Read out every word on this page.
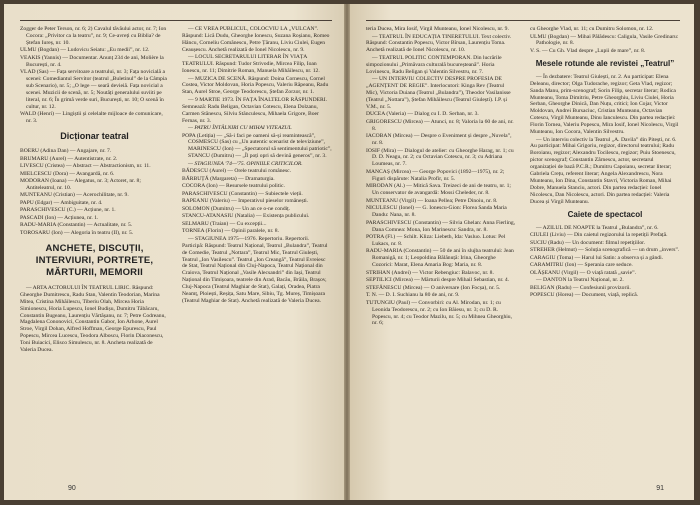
Zogger de Peter Terson, nr. 6; 2) Cavalul tăvăului actor, nr. 7; Ion Cocora: „Privitor ca la teatru”, nr. 9; Ce-avreți cu Biblia? de Ștefan Iureș, nr. 10.

ULMU (Bogdan) — Ludovicu Seiatu: „Eu medii”, nr. 12.

VEAKIS (Yannis) — Documentar. Anunț 234 de ani, Molière la București, nr. 4.

VLAD (Sas) — Fața servitoare a teatrului, nr. 3; Fața novicială a scenei: Comediantul Servitor (teatrul „Buletinul” de la Câmpia sub Scenario), nr. 5; „O lege — seară devieiă. Fața novicial a scenei. Muzicii de scenă, nr. 5; Noutăți generalului suviiti pe literal, nr. 6; În grimă verde suri, București, nr. 10; O scenă în cultur, nr. 12.

WALD (Henri) — Lingiștii și celelalte mijloace de comunicare, nr. 3.

Dicționar teatral

BOERU (Adina Dan) — Angajare, nr. 7.

BRUMARU (Aurel) — Autentistrate, nr. 2.

LIVESCU (Cristea) — Abstract — Abstractionism, nr. 11.

MIELCESCU (Dora) — Avangardă, nr. 6.

MODORAN (Ioana) — Alegatus, nr. 3; Actoret, nr. 8; Antiteleatrul, nr. 10.

MUNTEANU (Cristian) — Acerochilitate, nr. 9.

PAPU (Edgar) — Ambiguitate, nr. 4.

PARASCHIVESCU (C.) — Acțiune, nr. 1.

PASCADI (Ion) — Acțiunea, nr. 1.

RADU-MARIA (Constantin) — Actualitate, nr. 5.

TOROSARU (Ion) — Alegoria în teatru (II), nr. 5.

ANCHETE, DISCUȚII, INTERVIURI, PORTRETE, MĂRTURII, MEMORII

— ARTA ACTORULUI ÎN TEATRUL LIRIC. Răspund: Gheorghe Dumitrescu, Radu Stan, Valentin Teodorian, Marina Mitea, Cristina Mihăilescu, Tiberiu Olah, Mircea Horia Simionescu, Horia Lupescu, Ionel Budișu, Dumitru Tăbăcaru, Constantin Bugeanu, Laurențiu Vărtășanu, nr. 7; Petre Codreanu, Magdalena Cononovici, Constantin Gabor, Ion Arhone, Aurel Stroe, Virgil Dohan, Alfred Hoffman, George Epurescu, Paul Popescu, Mircea Lucescu, Teodora Alboscu, Florin Diaconescu, Toni Buiacici, Elisco Simulescu, nr. 8. Ancheta realizată de Valeria Ducea.

— CE VREA PUBLICUL, COLOCVIU LA „VULCAN”. Răspund: Lică Dudu, Gheorghe Ionescu, Suzana Roșianu, Romeo Hâncu, Corneliu Comănescu, Petre Țăranu, Liviu Ciulei, Eugen Ceaușescu. Anchetă realizată de Ionel Nicolescu, nr. 9.

— LOCUL SECRETARULUI LITERAR ÎN VIAȚA TEATRULUI. Răspund: Tudor Strivodie, Mircea Filip, Ioan Ionescu, nr. 11; Dimitrie Roman, Manuela Mihăilescu, nr. 12.

— MUZICA DE SCENĂ. Răspund: Doina Cornescu, Cornel Costea, Victor Moldovan, Horia Popescu, Valeriu Răpeanu, Radu Stan, Aurel Stroe, George Teodorescu, Ștefan Zorzor, nr. 1.

— 9 MARTIE 1973. ÎN FAȚA ÎNALTELOR RĂSPUNDERI. Semnează: Radu Beligan, Octavian Cotescu, Elena Dolzanu, Carmen Stănescu, Silviu Stănculescu, Mihaela Grigore, Boer Fernas, nr. 3.

— PATRU ÎNTÂLNIRI CU MIHAI VITEAZUL

POPA (Letiția) — „Să-i faci pe oameni să-și reamintească”, COSMESCU (Sas) cu „Un autentic scenarist de televiziune”, MARINESCU (Ion) — „Spectatorul să sentimentului patriotic”, STANCU (Dumitru) — „Îl poți opri să devină generos”, nr. 3.

— STAGIUNEA '74—'75. OPINIILE CRITICILOR.

BĂDESCU (Aurel) — Orele teatrului românesc.

BĂRBUȚĂ (Margareta) — Dramaturgia.

COCORA (Ion) — Resursele teatrului politic.

PARASCHIVESCU (Constantin) — Subiectele vieții.

RAPEANU (Valeriu) — Imperativul pieselor românești.

SOLOMON (Dumitru) — Un an ce o-ne condiț.

STANCU-ATANASIU (Natalia) — Existența publicului.

SELMARU (Traian) — Cu excepții...

TORNEA (Florin) — Opinii paralele, nr. 8.

— STAGIUNEA 1975—1976. Repertoriu. Repertorii. Participă: Răspund: Teatrul Național, Teatrul „Bulandra”, Teatrul de Comedie, Teatrul „Nottara”, Teatrul Mic, Teatrul Giulești, Teatrul „Ion Vasilescu”. Teatrul „Ion Creangă”, Teatrul Evreiesc de Stat, Teatrul Național din Cluj-Napoca, Teatrul Național din Craiova, Teatrul Național „Vasile Alecsandri” din Iași, Teatrul Național din Timișoara, teatrele din Arad, Bacău, Brăila, Brașov, Cluj-Napoca (Teatrul Maghiar de Stat), Galați, Oradea, Piatra Neamț, Ploiești, Reșița, Satu Mare, Sibiu, Tg. Mureș, Timișoara (Teatrul Maghiar de Stat). Anchetă realizată de Valeria Ducea.

90

teria Ducea, Mira Iosif, Virgil Munteanu, Ionel Nicolescu, nr. 9.

— TEATRUL ÎN EDUCAȚIA TINERETULUI. Text colectiv. Răspund: Constantin Popescu, Victor Bîrsan, Laurențiu Toma. Anchetă realizată de Ionel Nicolescu, nr. 10.

— TEATRUL POLITIC CONTEMPORAN. Din lucrările simpozionului „Primăvara culturală bucureșteană”. Horia Lovinescu, Radu Beligan și Valentin Silvestru, nr. 7.

— UN INTERVIU COLECTIV DESPRE PROFESIA DE „AGENȚENT DE REGIE”. Interlocutori: Kinga Rev (Teatrul Mic), Victoria Duiana (Teatrul „Bulandra”), Theodor Vasilanisse (Teatrul „Nottara”), Ștefan Mihăilescu (Teatrul Giulești). I.P. și V.M., nr. 5.

DUCEA (Valeria) — Dialog cu I. D. Serban, nr. 3.

GRIGORESCU (Mircea) — Atunci, nr. 8; Valoria la 60 de ani, nr. 8.

IACOBAN (Mircea) — Despre o Eveniment și despre „Nuvela”, nr. 8.

IOSIF (Mira) — Dialogul de atelier: cu Gheorghe Harag, nr. 1; cu D. D. Neagu, nr. 2; cu Octavian Cotescu, nr. 3; cu Adriana Loumeas, nr. 7.

MANCAȘ (Mircea) — George Popovici (1892—1975), nr. 2; Figuri dispărute: Natalia Profir, nr. 5.

MIRODAN (Al.) — Mitică Sava. Treizeci de ani de teatru, nr. 1; Un conservator de avangardă: Mossi Cheleder, nr. 8.

MUNTEANU (Virgil) — Ioana Pellea; Petre Dinoiu, nr. 8.

NICULESCU (Ionel) — G. Ionescu-Gion: Florea Sanda Maria Dandu: Nana, nr. 8.

PARASCHIVESCU (Constantin) — Silvia Ghelan: Anna Fierling, Dana Comnea: Mona, Ion Marinescu: Sandra, nr. 8.

POTRA (Fl.) — Schilt. Kliza: Liebeth, Ida: Vasluo. Lotus: Pel Lukacs, nr. 8.

RADU-MARIA (Constantin) — 50 de ani în slujba teatrului: Jean Romanigă, nr. 1; Leopoldina Bălănuță: Irina, Gheorghe Cozorici: Marat, Elena Amaria Bog: Maria, nr. 8.

STRIHAN (Andrei) — Victor Rebengiuc: Balavoc, nr. 8.

SEPTILICI (Mircea) — Mărturii despre Mihail Sebastian, nr. 4.

STEFĂNESCU (Mircea) — O aniversare (Ion Focșa), nr. 5.

T. N. — D. I. Suchianu la 80 de ani, nr. 9.

TUTUNGIU (Paul) — Convorbiri: cu Al. Mirodan, nr. 1; cu Leonida Teodorescu, nr. 2; cu Ion Băiesu, nr. 3; cu D. R. Popescu, nr. 4; cu Teodor Mazilu, nr. 5; cu Mihnea Gheorghiu, nr. 6;

cu Gheorghe Vlad, nr. 11; cu Dumitru Solomon, nr. 12.

ULMU (Bogdan) — Mihai Pălădescu: Caligula, Vasile Gredinaru: Pathologie, nr. 8.

V. S. — Cu Gh. Vlad despre „Lupii de mare”, nr. 8.

Mesele rotunde ale revistei „Teatrul”

— În dezbatere: Teatrul Giulești, nr. 2. Au participat: Elena Deleanu, director; Olga Tudorache, regizor; Geta Vlad, regizor; Sanda Manu, prim-scenograf; Sorin Filip, secretar literar; Rodica Munteanu, Toma Dimitriu, Petre Gheorghiu, Liviu Ciulei, Horia Serban, Gheorghe Dinică, Dan Nuțu, critici; Ion Cojar, Victor Moldovan, Andrei Bursaciuc, Cristian Munteanu, Octavian Cotescu, Virgil Munteanu, Dinu Ianculescu. Din partea redacției: Florin Tornea, Valeriu Popescu, Mira Iosif, Ionel Nicolescu, Virgil Munteanu, Ion Cocora, Valentin Silvestru.

— Un interviu colectiv la Teatrul „A. Davila” din Pitești, nr. 6. Au participat: Mihai Grigoriu, regizor, directorul teatrului; Radu Boroianu, regizor; Alexandru Tocilescu, regizor; Puiu Stoenescu, pictor scenograf; Constantin Zărnescu, actor, secretarul organizației de bază P.C.R.; Dumitru Capoianu, secretar literar; Gabriela Crețu, referent literar; Angela Alexandrescu, Nora Munteanu, Ion Dina, Constantin Stavri, Victoria Roman, Mihai Dobre, Manuela Stanciu, actori. Din partea redacției: Ionel Nicolescu, Dan Nicolescu, actori. Din partea redacției: Valeria Ducea și Virgil Munteanu.

Caiete de spectacol

— AZILUL DE NOAPTE la Teatrul „Bulandra”, nr. 6.

CIULEI (Liviu) — Din caietul regizorului la repetiții Prefață.

SUCIU (Radu) — Un document: filmul repetițiilor.

STREHER (Helmut) — Soluția scenografică — un drum „invers”.

CARAGIU (Toma) — Harul lui Satin: a observa și a gândi.

CARAMITRU (Ion) — Sperania care seduce.

OLĂȘEANU (Virgil) — O viață ratată „savie”.

— DANTON la Teatrul Național, nr. 2.

BELIGAN (Radu) — Confesiunii provizorii.

POPESCU (Horea) — Document, viață, replică.

91
